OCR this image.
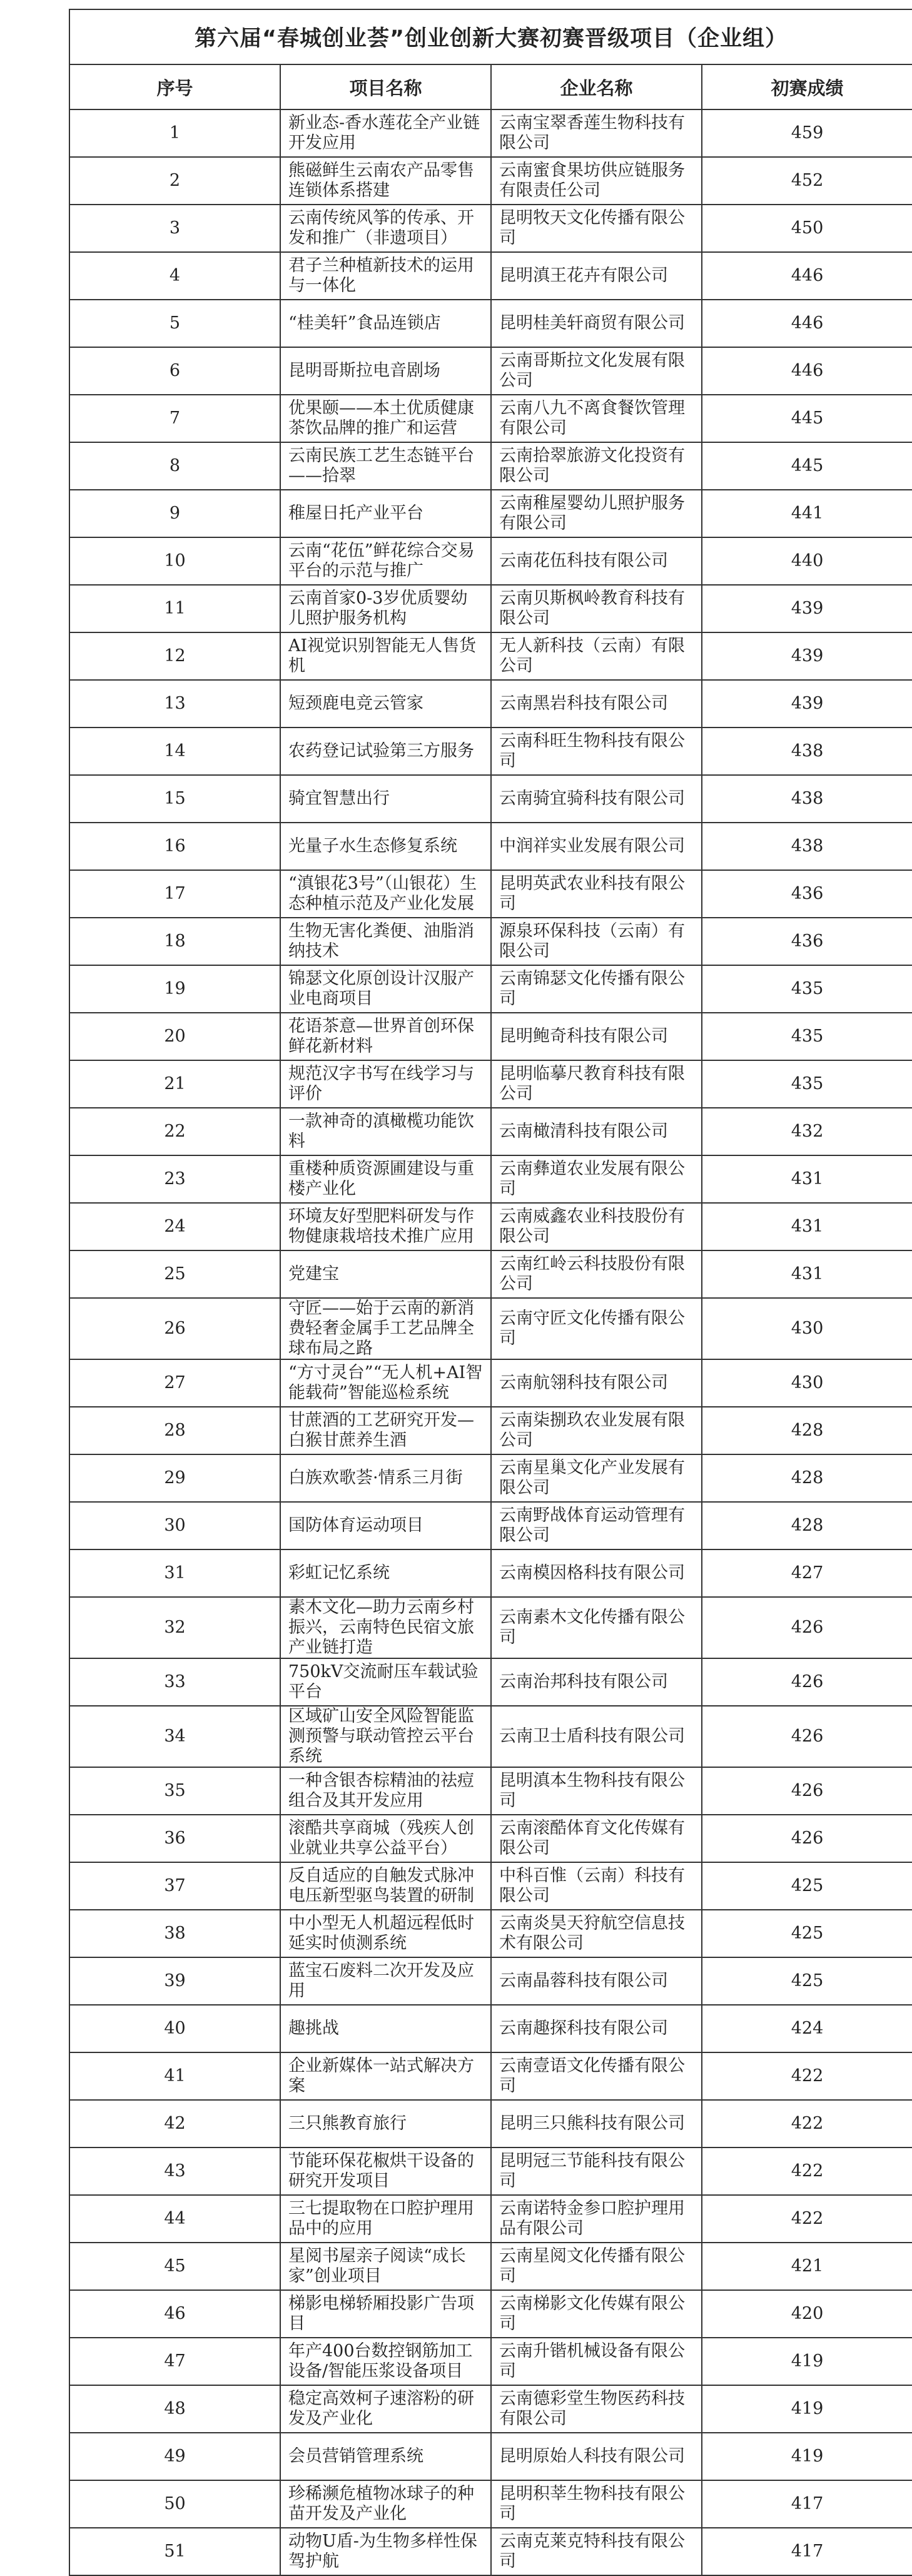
第六届“春城创业荟”创业创新大赛初赛晋级项目（企业组）			
序号	项目名称	企业名称	初赛成绩
1	新业态-香水莲花全产业链开发应用	云南宝翠香莲生物科技有限公司	459
2	熊磁鲜生云南农产品零售连锁体系搭建	云南蜜食果坊供应链服务有限责任公司	452
3	云南传统风筝的传承、开发和推广（非遗项目）	昆明牧天文化传播有限公司	450
4	君子兰种植新技术的运用与一体化	昆明滇王花卉有限公司	446
5	“桂美轩”食品连锁店	昆明桂美轩商贸有限公司	446
6	昆明哥斯拉电音剧场	云南哥斯拉文化发展有限公司	446
7	优果颐——本土优质健康茶饮品牌的推广和运营	云南八九不离食餐饮管理有限公司	445
8	云南民族工艺生态链平台——拾翠	云南拾翠旅游文化投资有限公司	445
9	稚屋日托产业平台	云南稚屋婴幼儿照护服务有限公司	441
10	云南“花伍”鲜花综合交易平台的示范与推广	云南花伍科技有限公司	440
11	云南首家0-3岁优质婴幼儿照护服务机构	云南贝斯枫岭教育科技有限公司	439
12	AI视觉识别智能无人售货机	无人新科技（云南）有限公司	439
13	短颈鹿电竞云管家	云南黑岩科技有限公司	439
14	农药登记试验第三方服务	云南科旺生物科技有限公司	438
15	骑宜智慧出行	云南骑宜骑科技有限公司	438
16	光量子水生态修复系统	中润祥实业发展有限公司	438
17	“滇银花3号”（山银花）生态种植示范及产业化发展	昆明英武农业科技有限公司	436
18	生物无害化粪便、油脂消纳技术	源泉环保科技（云南）有限公司	436
19	锦瑟文化原创设计汉服产业电商项目	云南锦瑟文化传播有限公司	435
20	花语茶意—世界首创环保鲜花新材料	昆明鲍奇科技有限公司	435
21	规范汉字书写在线学习与评价	昆明临摹尺教育科技有限公司	435
22	一款神奇的滇橄榄功能饮料	云南橄清科技有限公司	432
23	重楼种质资源圃建设与重楼产业化	云南彝道农业发展有限公司	431
24	环境友好型肥料研发与作物健康栽培技术推广应用	云南威鑫农业科技股份有限公司	431
25	党建宝	云南红岭云科技股份有限公司	431
26	守匠——始于云南的新消费轻奢金属手工艺品牌全球布局之路	云南守匠文化传播有限公司	430
27	“方寸灵台”“无人机+AI智能载荷”智能巡检系统	云南航翎科技有限公司	430
28	甘蔗酒的工艺研究开发—白猴甘蔗养生酒	云南柒捌玖农业发展有限公司	428
29	白族欢歌荟·情系三月街	云南星巢文化产业发展有限公司	428
30	国防体育运动项目	云南野战体育运动管理有限公司	428
31	彩虹记忆系统	云南模因格科技有限公司	427
32	素木文化—助力云南乡村振兴，云南特色民宿文旅产业链打造	云南素木文化传播有限公司	426
33	750kV交流耐压车载试验平台	云南治邦科技有限公司	426
34	区域矿山安全风险智能监测预警与联动管控云平台系统	云南卫士盾科技有限公司	426
35	一种含银杏棕精油的祛痘组合及其开发应用	昆明滇本生物科技有限公司	426
36	滚酷共享商城（残疾人创业就业共享公益平台）	云南滚酷体育文化传媒有限公司	426
37	反自适应的自触发式脉冲电压新型驱鸟装置的研制	中科百惟（云南）科技有限公司	425
38	中小型无人机超远程低时延实时侦测系统	云南炎昊天狩航空信息技术有限公司	425
39	蓝宝石废料二次开发及应用	云南晶蓉科技有限公司	425
40	趣挑战	云南趣探科技有限公司	424
41	企业新媒体一站式解决方案	云南壹语文化传播有限公司	422
42	三只熊教育旅行	昆明三只熊科技有限公司	422
43	节能环保花椒烘干设备的研究开发项目	昆明冠三节能科技有限公司	422
44	三七提取物在口腔护理用品中的应用	云南诺特金参口腔护理用品有限公司	422
45	星阅书屋亲子阅读“成长家”创业项目	云南星阅文化传播有限公司	421
46	梯影电梯轿厢投影广告项目	云南梯影文化传媒有限公司	420
47	年产400台数控钢筋加工设备/智能压浆设备项目	云南升锴机械设备有限公司	419
48	稳定高效柯子速溶粉的研发及产业化	云南德彩堂生物医药科技有限公司	419
49	会员营销管理系统	昆明原始人科技有限公司	419
50	珍稀濒危植物冰球子的种苗开发及产业化	昆明积莘生物科技有限公司	417
51	动物U盾-为生物多样性保驾护航	云南克莱克特科技有限公司	417
